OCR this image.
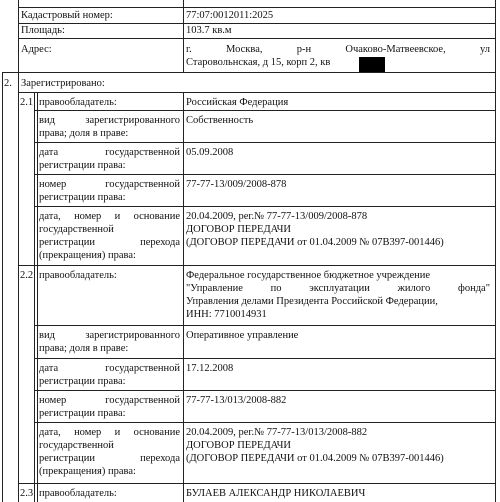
Кадастровый номер:	77:07:0012011:2025
Площадь:	103.7 кв.м
Адрес:	г. Москва, р-н Очаково-Матвеевское, ул
Старовольнская, д 15, корп 2, кв
2. Зарегистрировано:
2.1 правообладатель:	Российская Федерация
вид зарегистрированного
права; доля в праве:
Собственность
дата государственной
регистрации права:
05.09.2008
номер государственной
регистрации права:
77-77-13/009/2008-878
дата, номер и основание
государственной
регистрации перехода
(прекращения) права:
20.04.2009, рег.№ 77-77-13/009/2008-878
ДОГОВОР ПЕРЕДАЧИ
(ДОГОВОР ПЕРЕДАЧИ от 01.04.2009 № 07В397-001446)
2.2 правообладатель:	Федеральное государственное бюджетное учреждение
"Управление по эксплуатации жилого фонда"
Управления делами Президента Российской Федерации,
ИНН: 7710014931
вид зарегистрированного
права; доля в праве:
Оперативное управление
дата государственной
регистрации права:
17.12.2008
номер государственной
регистрации права:
77-77-13/013/2008-882
дата, номер и основание
государственной
регистрации перехода
(прекращения) права:
20.04.2009, рег.№ 77-77-13/013/2008-882
ДОГОВОР ПЕРЕДАЧИ
(ДОГОВОР ПЕРЕДАЧИ от 01.04.2009 № 07В397-001446)
2.3 правообладатель:	БУЛАЕВ АЛЕКСАНДР НИКОЛАЕВИЧ
